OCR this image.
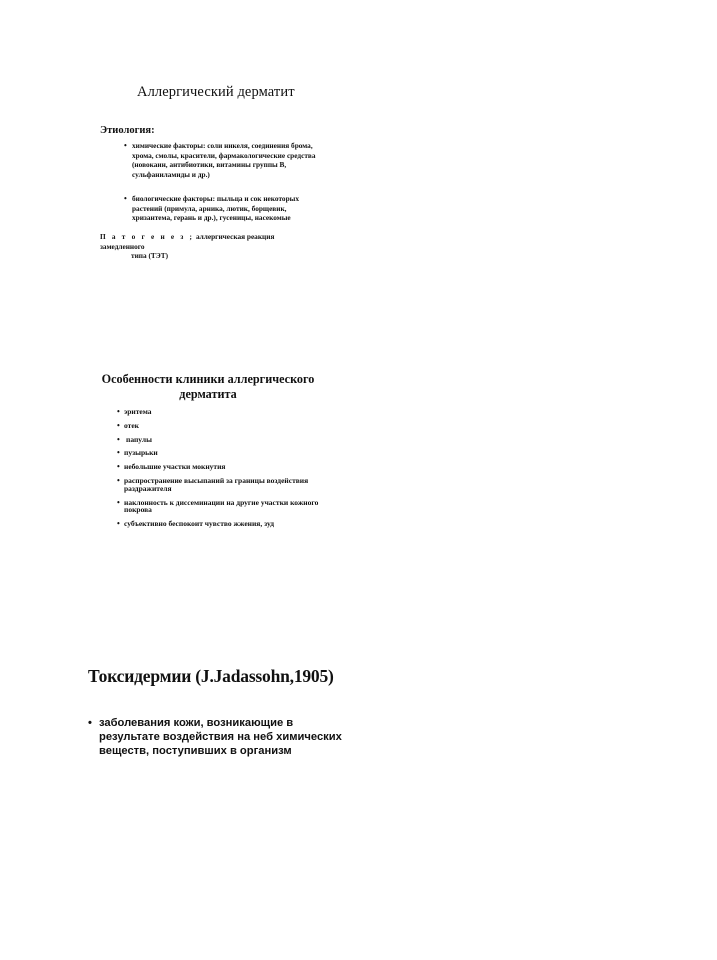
Аллергический дерматит
Этиология:
• химические факторы: соли никеля, соединения брома, хрома, смолы, красители, фармакологические средства (новокаин, антибиотики, витамины группы В, сульфаниламиды и др.)
• биологические факторы: пыльца и сок некоторых растений (примула, арника, лютик, борщевик, хризантема, герань и др.), гусеницы, насекомые
П а т о г е н е з ; аллергическая реакция замедленного
типа (ТЭТ)
Особенности клиники аллергического дерматита
• эритема
• отек
• папулы
• пузырьки
• небольшие участки мокнутия
• распространение высыпаний за границы воздействия раздражителя
• наклонность к диссеминации на другие участки кожного покрова
• субъективно беспокоит чувство жжения, зуд
Токсидермии (J.Jadassohn,1905)
• заболевания кожи, возникающие в результате воздействия на неб химических веществ, поступивших в организм
